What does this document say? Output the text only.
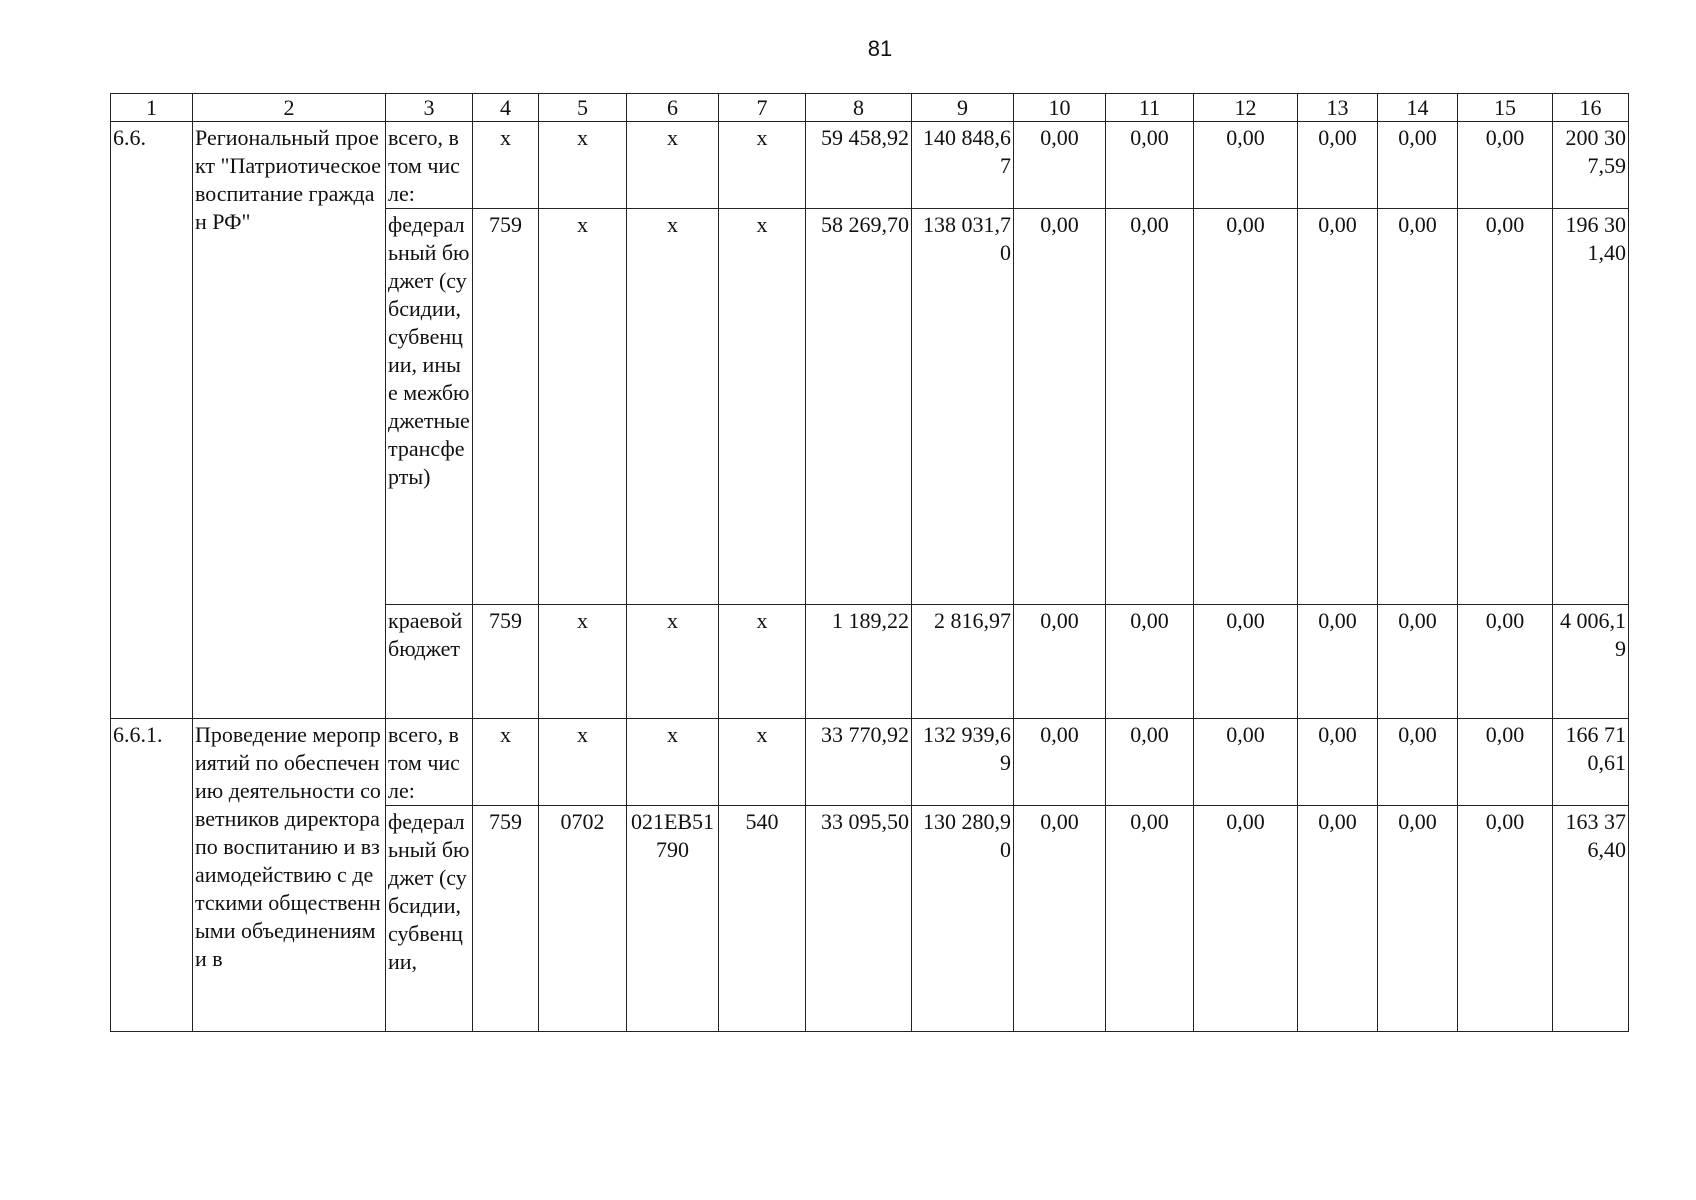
81
1	2	3	4	5	6	7	8	9	10	11	12	13	14	15	16
6.6.	Региональный проект "Патриотическое воспитание граждан РФ"	всего, в том числе:	х	х	х	х	59 458,92	140 848,67	0,00	0,00	0,00	0,00	0,00	0,00	200 307,59
		федеральный бюджет (субсидии, субвенции, иные межбюджетные трансферты)	759	х	х	х	58 269,70	138 031,70	0,00	0,00	0,00	0,00	0,00	0,00	196 301,40
		краевой бюджет	759	х	х	х	1 189,22	2 816,97	0,00	0,00	0,00	0,00	0,00	0,00	4 006,19
6.6.1.	Проведение мероприятий по обеспечению деятельности советников директора по воспитанию и взаимодействию с детскими общественными объединениями в	всего, в том числе:	х	х	х	х	33 770,92	132 939,69	0,00	0,00	0,00	0,00	0,00	0,00	166 710,61
		федеральный бюджет (субсидии, субвенции,	759	0702	021ЕВ51790	540	33 095,50	130 280,90	0,00	0,00	0,00	0,00	0,00	0,00	163 376,40
